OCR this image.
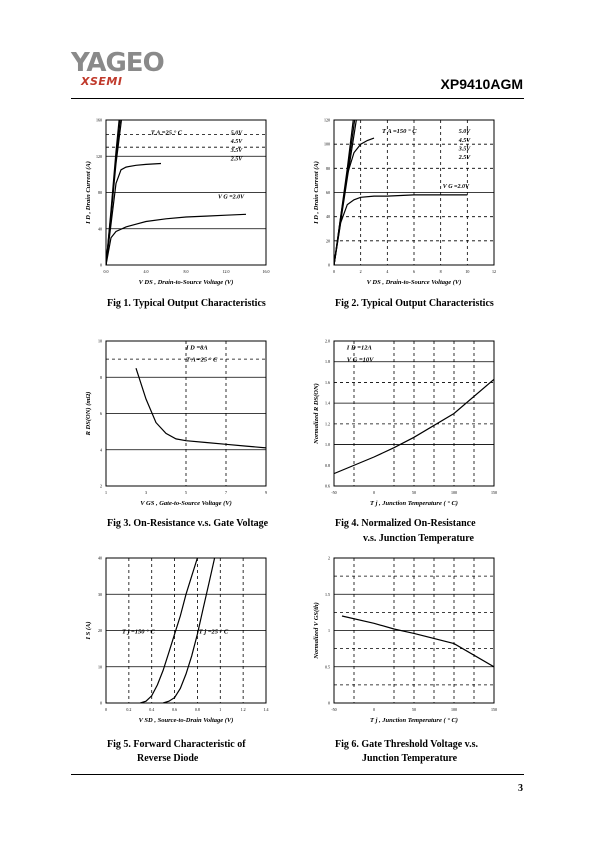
YAGEO
XSEMI	XP9410AGM
0.0	4.0	8.0	12.0	16.0
0
40
80
120
160
V DS , Drain-to-Source Voltage (V)
I D , Drain Current (A)
T A =25 ° C	5.0V
4.5V
3.5V
2.5V
V G =2.0V
0	2	4	6	8	10	12
0
20
40
60
80
100
120
V DS , Drain-to-Source Voltage (V)
I D , Drain Current (A)
T A =150 ° C	5.0V
4.5V
3.5V
2.5V
V G =2.0V
1	3	5	7	9
2
4
6
8
10
V GS , Gate-to-Source Voltage (V)
R DS(ON) (mΩ)
I D =8A
T A =25 ° C
-50	0	50	100	150
0.6
0.8
1.0
1.2
1.4
1.6
1.8
2.0
T j , Junction Temperature ( ° C)
Normalized R DS(ON)
I D =12A
V G =10V
0	0.2	0.4	0.6	0.8	1	1.2	1.4
0
10
20
30
40
V SD , Source-to-Drain Voltage (V)
I S (A)	T j =150 ° C	T j =25 ° C
-50	0	50	100	150
0
0.5
1
1.5
2
T j , Junction Temperature ( ° C)
Normalized V GS(th)
Fig 1. Typical Output Characteristics	Fig 2. Typical Output Characteristics
Fig 3. On-Resistance v.s. Gate Voltage	Fig 4. Normalized On-Resistance
v.s. Junction Temperature
Fig 5. Forward Characteristic of
Reverse Diode
Fig 6. Gate Threshold Voltage v.s.
Junction Temperature
3
